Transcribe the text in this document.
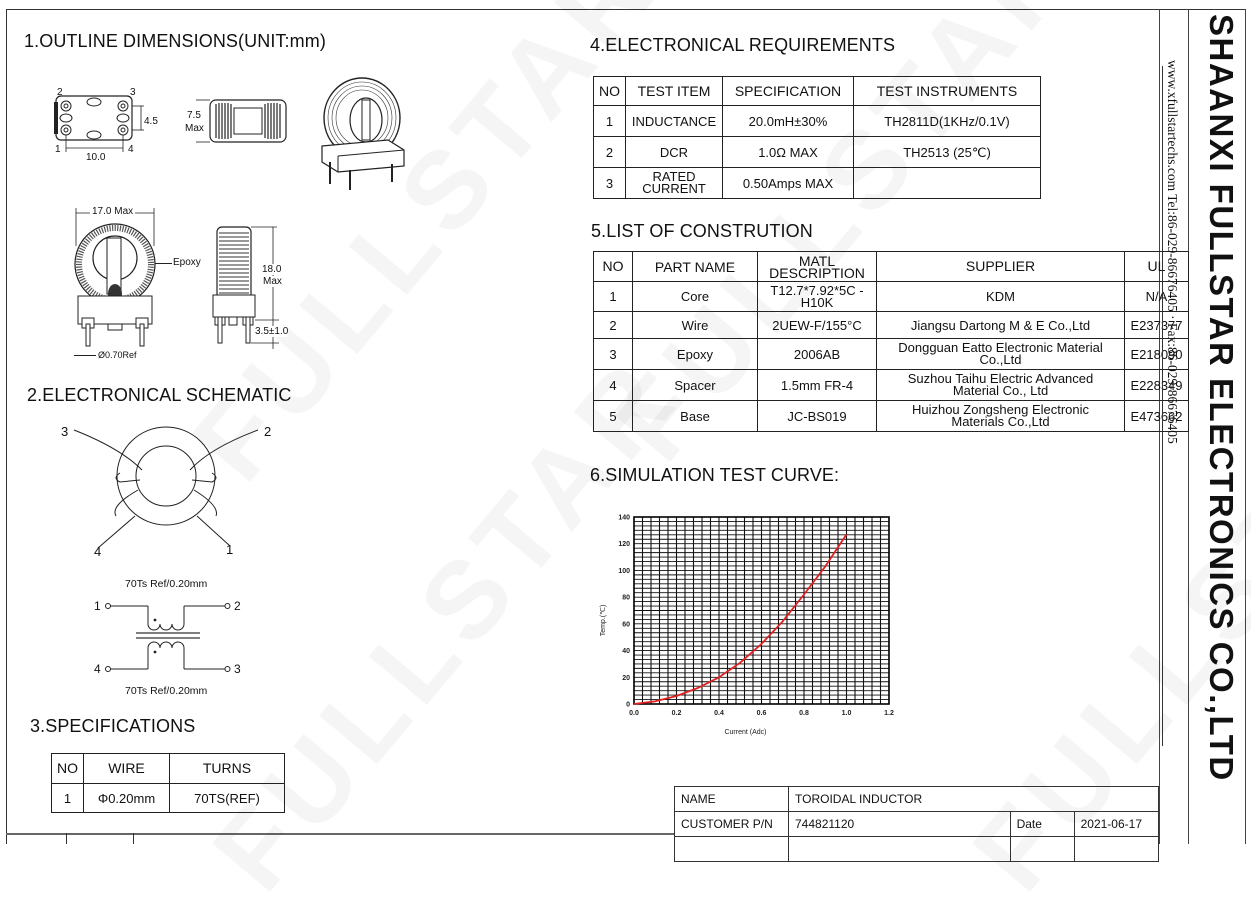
1.OUTLINE DIMENSIONS(UNIT:mm)
2	3
1	4
10.0
4.5
7.5
Max
17.0 Max
Epoxy
Ø0.70Ref
18.0
Max
3.5±1.0
2.ELECTRONICAL SCHEMATIC
3	2
4	1
70Ts Ref/0.20mm
1	2
4	3
70Ts Ref/0.20mm
3.SPECIFICATIONS
NO	WIRE	TURNS
1	Φ0.20mm	70TS(REF)
4.ELECTRONICAL REQUIREMENTS
NO	TEST ITEM	SPECIFICATION	TEST INSTRUMENTS
1	INDUCTANCE	20.0mH±30%	TH2811D(1KHz/0.1V)
2	DCR	1.0Ω MAX	TH2513 (25℃)
3	RATED CURRENT	0.50Amps MAX	
5.LIST OF CONSTRUTION
NO	PART NAME	MATL DESCRIPTION	SUPPLIER	UL
1	Core	T12.7*7.92*5C -H10K	KDM	N/A
2	Wire	2UEW-F/155°C	Jiangsu Dartong M & E Co.,Ltd	E237377
3	Epoxy	2006AB	Dongguan Eatto Electronic Material Co.,Ltd	E218090
4	Spacer	1.5mm FR-4	Suzhou Taihu Electric Advanced Material Co., Ltd	E228349
5	Base	JC-BS019	Huizhou Zongsheng Electronic Materials Co.,Ltd	E473662
6.SIMULATION TEST CURVE:
0.0	0.2	0.4	0.6	0.8	1.0	1.2
0
20
40
60
80
100
120
140
Current (Adc)
Temp.(℃)
NAME	TOROIDAL INDUCTOR		
CUSTOMER P/N	744821120	Date	2021-06-17

www.xfullstartechs.com Tel:86-029-86676405 · Fax:86-029-86676405 SHAANXI FULLSTAR ELECTRONICS CO.,LTD
